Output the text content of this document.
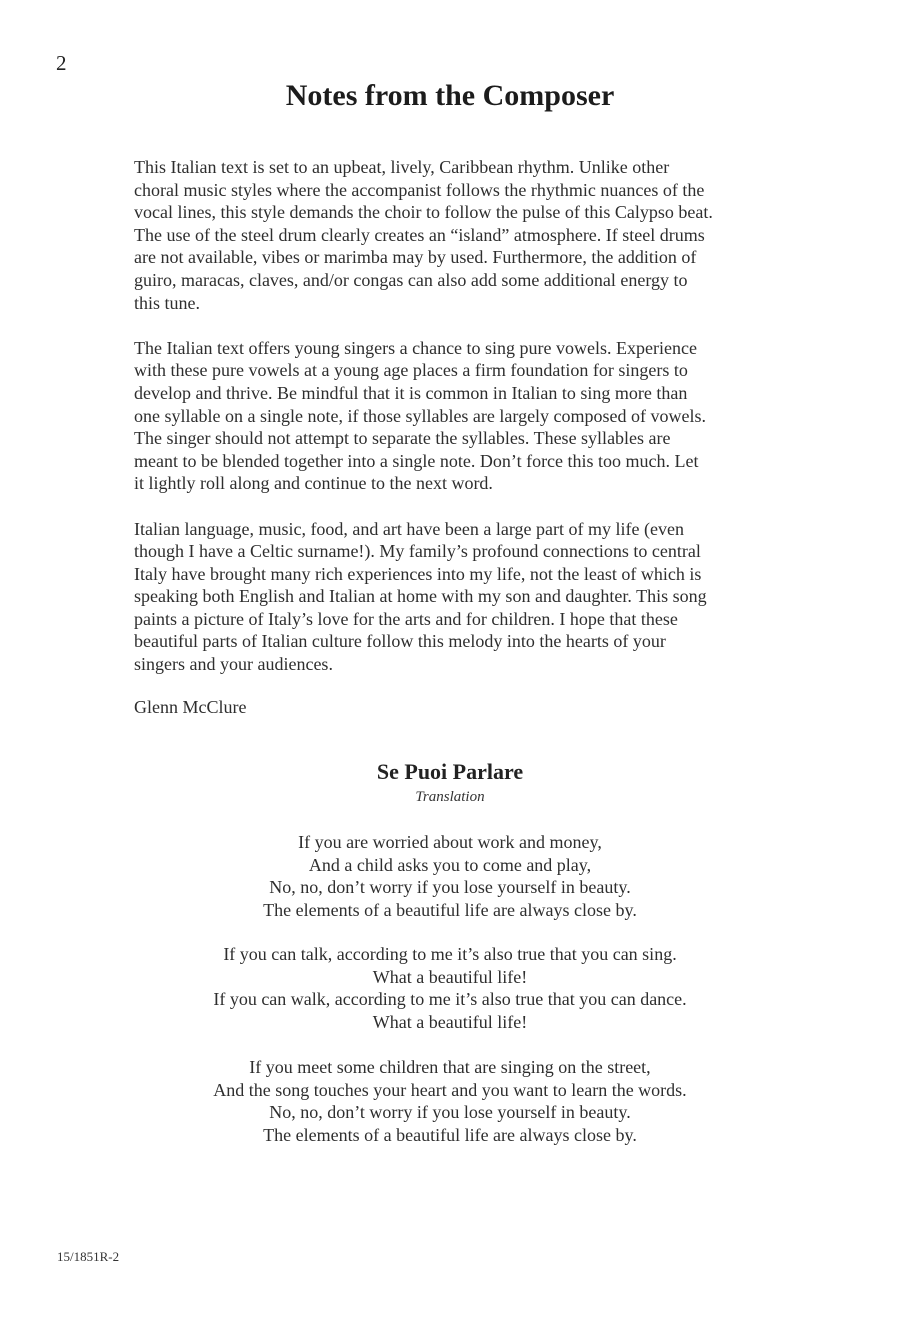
2
Notes from the Composer

This Italian text is set to an upbeat, lively, Caribbean rhythm. Unlike other
choral music styles where the accompanist follows the rhythmic nuances of the
vocal lines, this style demands the choir to follow the pulse of this Calypso beat.
The use of the steel drum clearly creates an “island” atmosphere. If steel drums
are not available, vibes or marimba may by used. Furthermore, the addition of
guiro, maracas, claves, and/or congas can also add some additional energy to
this tune.

The Italian text offers young singers a chance to sing pure vowels. Experience
with these pure vowels at a young age places a firm foundation for singers to
develop and thrive. Be mindful that it is common in Italian to sing more than
one syllable on a single note, if those syllables are largely composed of vowels.
The singer should not attempt to separate the syllables. These syllables are
meant to be blended together into a single note. Don’t force this too much. Let
it lightly roll along and continue to the next word.

Italian language, music, food, and art have been a large part of my life (even
though I have a Celtic surname!). My family’s profound connections to central
Italy have brought many rich experiences into my life, not the least of which is
speaking both English and Italian at home with my son and daughter. This song
paints a picture of Italy’s love for the arts and for children. I hope that these
beautiful parts of Italian culture follow this melody into the hearts of your
singers and your audiences.

Glenn McClure
Se Puoi Parlare
Translation
If you are worried about work and money,
And a child asks you to come and play,
No, no, don’t worry if you lose yourself in beauty.
The elements of a beautiful life are always close by.
If you can talk, according to me it’s also true that you can sing.
What a beautiful life!
If you can walk, according to me it’s also true that you can dance.
What a beautiful life!
If you meet some children that are singing on the street,
And the song touches your heart and you want to learn the words.
No, no, don’t worry if you lose yourself in beauty.
The elements of a beautiful life are always close by.
15/1851R-2
